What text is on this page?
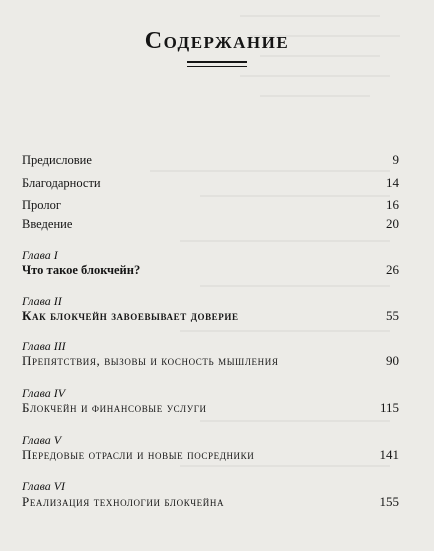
Содержание
Предисловие	9
Благодарности	14
Пролог	16
Введение	20
Глава I
Что такое блокчейн?	26
Глава II
Как блокчейн завоевывает доверие	55
Глава III
Препятствия, вызовы и косность мышления	90
Глава IV
Блокчейн и финансовые услуги	115
Глава V
Передовые отрасли и новые посредники	141
Глава VI
Реализация технологии блокчейна	155
